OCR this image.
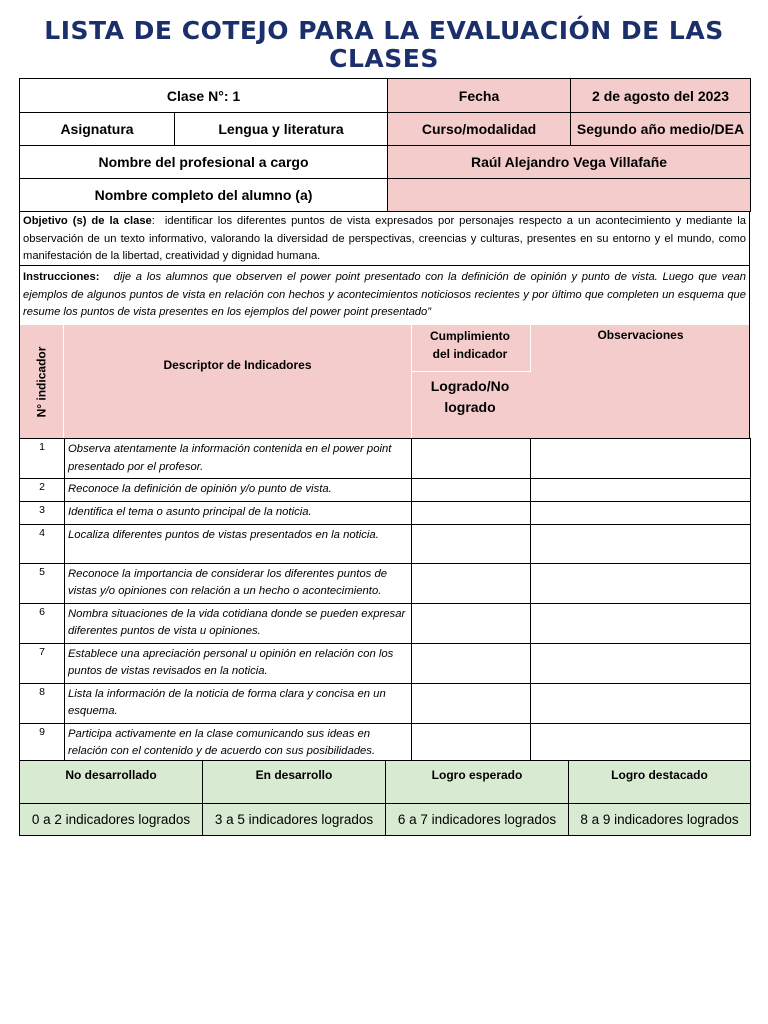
LISTA DE COTEJO PARA LA EVALUACIÓN DE LAS CLASES
Clase N°: 1		Fecha	2 de agosto del 2023
Asignatura	Lengua y literatura	Curso/modalidad	Segundo año medio/DEA
Nombre del profesional a cargo		Raúl Alejandro Vega Villafañe	
Nombre completo del alumno (a)			
Objetivo (s) de la clase:  identificar los diferentes puntos de vista expresados por personajes respecto a un acontecimiento y mediante la observación de un texto informativo, valorando la diversidad de perspectivas, creencias y culturas, presentes en su entorno y el mundo, como manifestación de la libertad, creatividad y dignidad humana.
Instrucciones: dije a los alumnos que observen el power point presentado con la definición de opinión y punto de vista. Luego que vean ejemplos de algunos puntos de vista en relación con hechos y acontecimientos noticiosos recientes y por último que completen un esquema que resume los puntos de vista presentes en los ejemplos del power point presentado”
N° indicador	Descriptor de Indicadores
Cumplimiento del indicador
Logrado/No logrado
Observaciones
1	Observa atentamente la información contenida en el power point presentado por el profesor.		
2	Reconoce la definición de opinión y/o punto de vista.		
3	Identifica el tema o asunto principal de la noticia.		
4	Localiza diferentes puntos de vistas presentados en la noticia.		
5	Reconoce la importancia de considerar los diferentes puntos de vistas y/o opiniones con relación a un hecho o acontecimiento.		
6	Nombra situaciones de la vida cotidiana donde se pueden expresar diferentes puntos de vista u opiniones.		
7	Establece una apreciación personal u opinión en relación con los puntos de vistas revisados en la noticia.		
8	Lista la información de la noticia de forma clara y concisa en un esquema.		
9	Participa activamente en la clase comunicando sus ideas en relación con el contenido y de acuerdo con sus posibilidades.		
No desarrollado	En desarrollo	Logro esperado	Logro destacado
0 a 2 indicadores logrados	3 a 5 indicadores logrados	6 a 7 indicadores logrados	8 a 9 indicadores logrados
